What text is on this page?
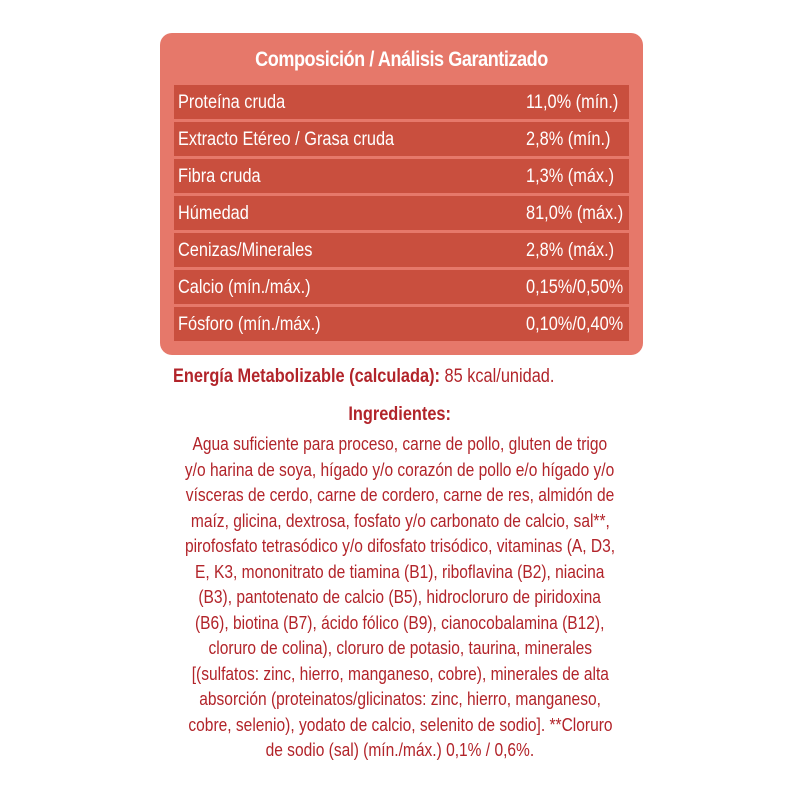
Composición / Análisis Garantizado
Proteína cruda	11,0% (mín.)
Extracto Etéreo / Grasa cruda	2,8% (mín.)
Fibra cruda	1,3% (máx.)
Húmedad	81,0% (máx.)
Cenizas/Minerales	2,8% (máx.)
Calcio (mín./máx.)	0,15%/0,50%
Fósforo (mín./máx.)	0,10%/0,40%
Energía Metabolizable (calculada): 85 kcal/unidad.
Ingredientes:
Agua suficiente para proceso, carne de pollo, gluten de trigo
y/o harina de soya, hígado y/o corazón de pollo e/o hígado y/o
vísceras de cerdo, carne de cordero, carne de res, almidón de
maíz, glicina, dextrosa, fosfato y/o carbonato de calcio, sal**,
pirofosfato tetrasódico y/o difosfato trisódico, vitaminas (A, D3,
E, K3, mononitrato de tiamina (B1), riboflavina (B2), niacina
(B3), pantotenato de calcio (B5), hidrocloruro de piridoxina
(B6), biotina (B7), ácido fólico (B9), cianocobalamina (B12),
cloruro de colina), cloruro de potasio, taurina, minerales
[(sulfatos: zinc, hierro, manganeso, cobre), minerales de alta
absorción (proteinatos/glicinatos: zinc, hierro, manganeso,
cobre, selenio), yodato de calcio, selenito de sodio]. **Cloruro
de sodio (sal) (mín./máx.) 0,1% / 0,6%.
